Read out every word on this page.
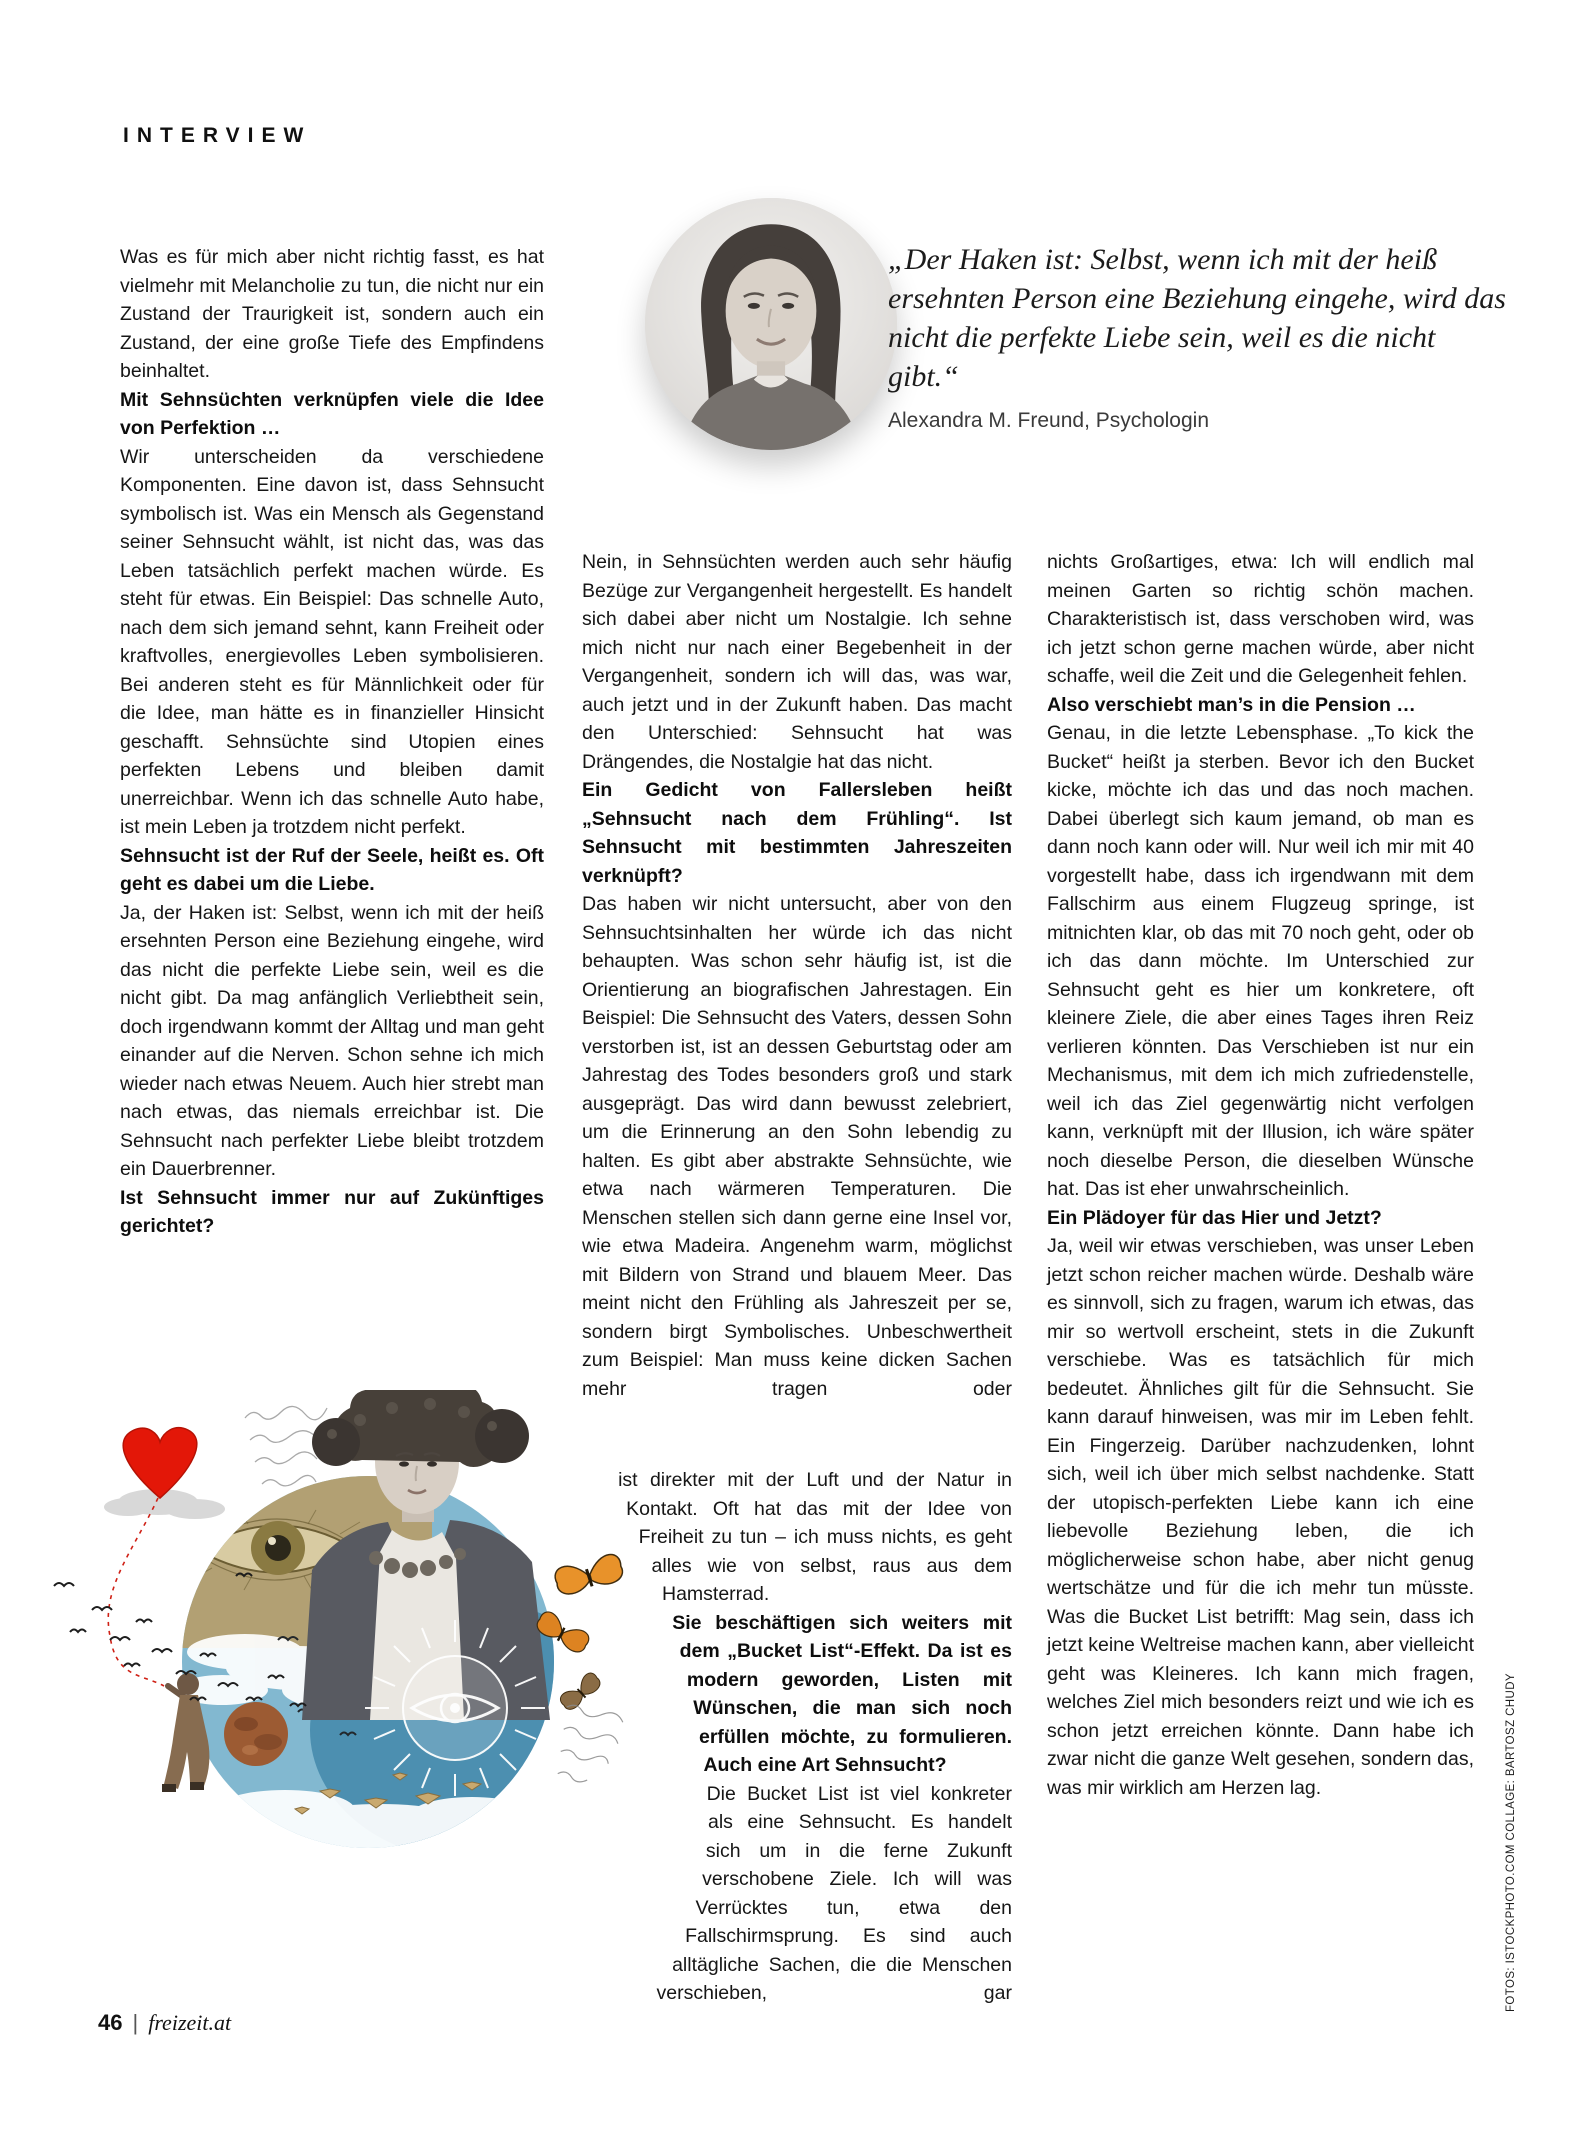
INTERVIEW
„Der Haken ist: Selbst, wenn ich mit der heiß ersehnten Person eine Beziehung eingehe, wird das nicht die perfekte Liebe sein, weil es die nicht gibt.“
Alexandra M. Freund, Psychologin

Was es für mich aber nicht richtig fasst, es hat vielmehr mit Melancholie zu tun, die nicht nur ein Zustand der Traurigkeit ist, sondern auch ein Zustand, der eine große Tiefe des Empfindens beinhaltet.

Mit Sehnsüchten verknüpfen viele die Idee von Perfektion …

Wir unterscheiden da verschiedene Komponenten. Eine davon ist, dass Sehnsucht symbolisch ist. Was ein Mensch als Gegenstand seiner Sehnsucht wählt, ist nicht das, was das Leben tatsächlich perfekt machen würde. Es steht für etwas. Ein Beispiel: Das schnelle Auto, nach dem sich jemand sehnt, kann Freiheit oder kraftvolles, energievolles Leben symbolisieren. Bei anderen steht es für Männlichkeit oder für die Idee, man hätte es in finanzieller Hinsicht geschafft. Sehnsüchte sind Utopien eines perfekten Lebens und bleiben damit unerreichbar. Wenn ich das schnelle Auto habe, ist mein Leben ja trotzdem nicht perfekt.

Sehnsucht ist der Ruf der Seele, heißt es. Oft geht es dabei um die Liebe.

Ja, der Haken ist: Selbst, wenn ich mit der heiß ersehnten Person eine Beziehung eingehe, wird das nicht die perfekte Liebe sein, weil es die nicht gibt. Da mag anfänglich Verliebtheit sein, doch irgendwann kommt der Alltag und man geht einander auf die Nerven. Schon sehne ich mich wieder nach etwas Neuem. Auch hier strebt man nach etwas, das niemals erreichbar ist. Die Sehnsucht nach perfekter Liebe bleibt trotzdem ein Dauerbrenner.

Ist Sehnsucht immer nur auf Zukünftiges gerichtet?

Nein, in Sehnsüchten werden auch sehr häufig Bezüge zur Vergangenheit hergestellt. Es handelt sich dabei aber nicht um Nostalgie. Ich sehne mich nicht nur nach einer Begebenheit in der Vergangenheit, sondern ich will das, was war, auch jetzt und in der Zukunft haben. Das macht den Unterschied: Sehnsucht hat was Drängendes, die Nostalgie hat das nicht.

Ein Gedicht von Fallersleben heißt „Sehnsucht nach dem Frühling“. Ist Sehnsucht mit bestimmten Jahreszeiten verknüpft?

Das haben wir nicht untersucht, aber von den Sehnsuchtsinhalten her würde ich das nicht behaupten. Was schon sehr häufig ist, ist die Orientierung an biografischen Jahrestagen. Ein Beispiel: Die Sehnsucht des Vaters, dessen Sohn verstorben ist, ist an dessen Geburtstag oder am Jahrestag des Todes besonders groß und stark ausgeprägt. Das wird dann bewusst zelebriert, um die Erinnerung an den Sohn lebendig zu halten. Es gibt aber abstrakte Sehnsüchte, wie etwa nach wärmeren Temperaturen. Die Menschen stellen sich dann gerne eine Insel vor, wie etwa Madeira. Angenehm warm, möglichst mit Bildern von Strand und blauem Meer. Das meint nicht den Frühling als Jahreszeit per se, sondern birgt Symbolisches. Unbeschwertheit zum Beispiel: Man muss keine dicken Sachen mehr tragen oder

ist direkter mit der Luft und der Natur in Kontakt. Oft hat das mit der Idee von Freiheit zu tun – ich muss nichts, es geht alles wie von selbst, raus aus dem Hamsterrad.

Sie beschäftigen sich weiters mit dem „Bucket List“-Effekt. Da ist es modern geworden, Listen mit Wünschen, die man sich noch erfüllen möchte, zu formulieren. Auch eine Art Sehnsucht?

Die Bucket List ist viel konkreter als eine Sehnsucht. Es handelt sich um in die ferne Zukunft verschobene Ziele. Ich will was Verrücktes tun, etwa den Fallschirmsprung. Es sind auch alltägliche Sachen, die die Menschen verschieben, gar

nichts Großartiges, etwa: Ich will endlich mal meinen Garten so richtig schön machen. Charakteristisch ist, dass verschoben wird, was ich jetzt schon gerne machen würde, aber nicht schaffe, weil die Zeit und die Gelegenheit fehlen.

Also verschiebt man’s in die Pension …

Genau, in die letzte Lebensphase. „To kick the Bucket“ heißt ja sterben. Bevor ich den Bucket kicke, möchte ich das und das noch machen. Dabei überlegt sich kaum jemand, ob man es dann noch kann oder will. Nur weil ich mir mit 40 vorgestellt habe, dass ich irgendwann mit dem Fallschirm aus einem Flugzeug springe, ist mitnichten klar, ob das mit 70 noch geht, oder ob ich das dann möchte. Im Unterschied zur Sehnsucht geht es hier um konkretere, oft kleinere Ziele, die aber eines Tages ihren Reiz verlieren könnten. Das Verschieben ist nur ein Mechanismus, mit dem ich mich zufriedenstelle, weil ich das Ziel gegenwärtig nicht verfolgen kann, verknüpft mit der Illusion, ich wäre später noch dieselbe Person, die dieselben Wünsche hat. Das ist eher unwahrscheinlich.

Ein Plädoyer für das Hier und Jetzt?

Ja, weil wir etwas verschieben, was unser Leben jetzt schon reicher machen würde. Deshalb wäre es sinnvoll, sich zu fragen, warum ich etwas, das mir so wertvoll erscheint, stets in die Zukunft verschiebe. Was es tatsächlich für mich bedeutet. Ähnliches gilt für die Sehnsucht. Sie kann darauf hinweisen, was mir im Leben fehlt. Ein Fingerzeig. Darüber nachzudenken, lohnt sich, weil ich über mich selbst nachdenke. Statt der utopisch-perfekten Liebe kann ich eine liebevolle Beziehung leben, die ich möglicherweise schon habe, aber nicht genug wertschätze und für die ich mehr tun müsste. Was die Bucket List betrifft: Mag sein, dass ich jetzt keine Weltreise machen kann, aber vielleicht geht was Kleineres. Ich kann mich fragen, welches Ziel mich besonders reizt und wie ich es schon jetzt erreichen könnte. Dann habe ich zwar nicht die ganze Welt gesehen, sondern das, was mir wirklich am Herzen lag.

46 | freizeit.at
FOTOS: ISTOCKPHOTO.COM COLLAGE: BARTOSZ CHUDY
